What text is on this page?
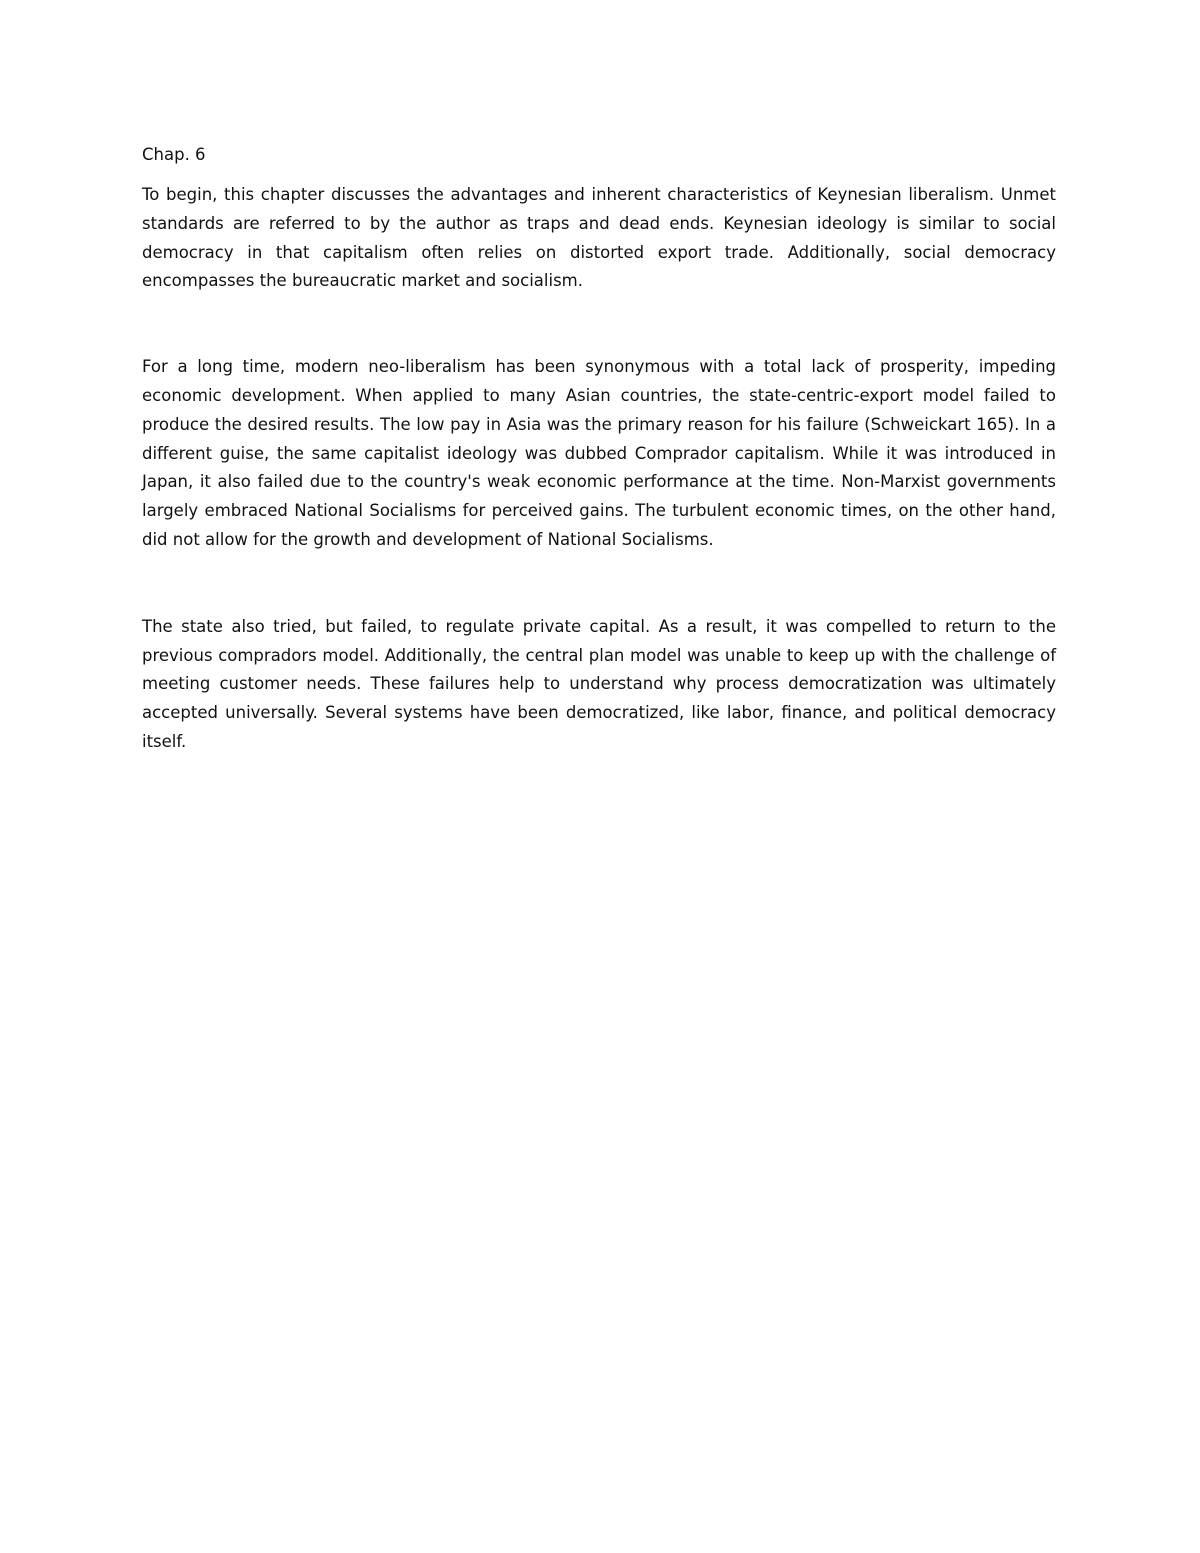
Chap. 6

To begin, this chapter discusses the advantages and inherent characteristics of Keynesian liberalism. Unmet standards are referred to by the author as traps and dead ends. Keynesian ideology is similar to social democracy in that capitalism often relies on distorted export trade. Additionally, social democracy encompasses the bureaucratic market and socialism.

For a long time, modern neo-liberalism has been synonymous with a total lack of prosperity, impeding economic development. When applied to many Asian countries, the state-centric-export model failed to produce the desired results. The low pay in Asia was the primary reason for his failure (Schweickart 165). In a different guise, the same capitalist ideology was dubbed Comprador capitalism. While it was introduced in Japan, it also failed due to the country's weak economic performance at the time. Non-Marxist governments largely embraced National Socialisms for perceived gains. The turbulent economic times, on the other hand, did not allow for the growth and development of National Socialisms.

The state also tried, but failed, to regulate private capital. As a result, it was compelled to return to the previous compradors model. Additionally, the central plan model was unable to keep up with the challenge of meeting customer needs. These failures help to understand why process democratization was ultimately accepted universally. Several systems have been democratized, like labor, finance, and political democracy itself.
